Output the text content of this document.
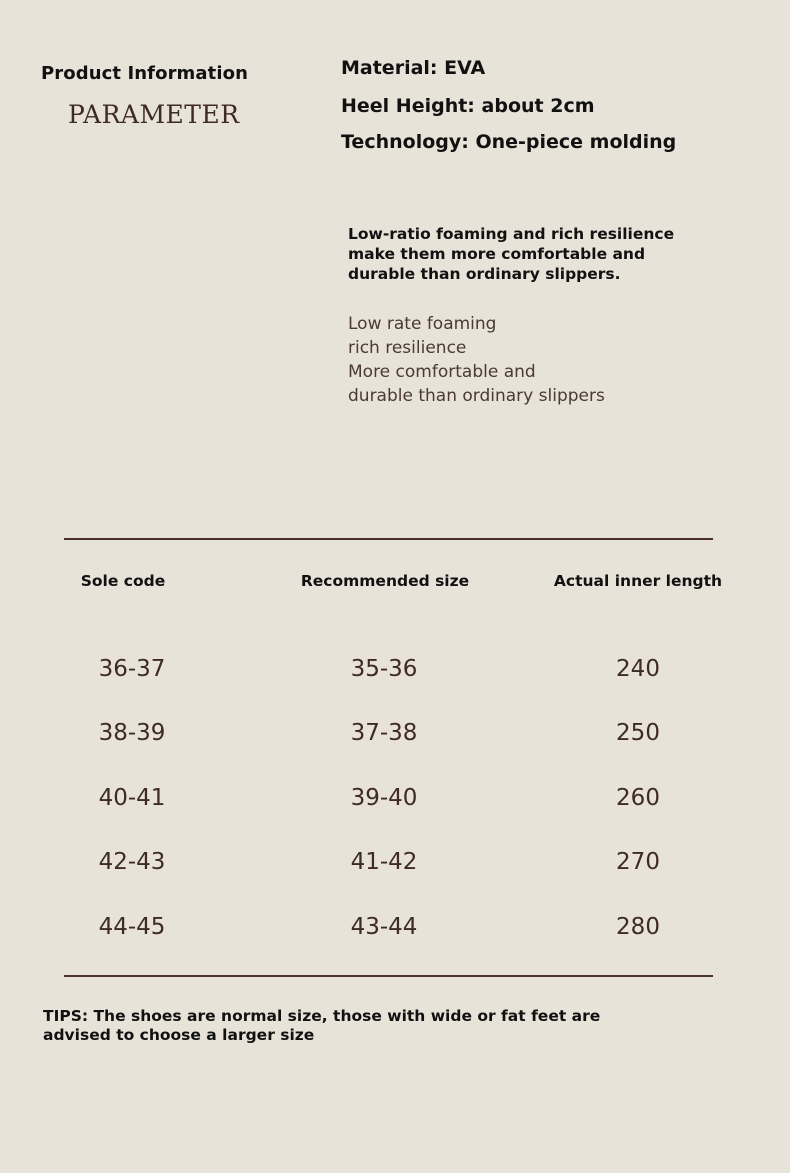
Product Information
PARAMETER
Material: EVA
Heel Height: about 2cm
Technology: One-piece molding
Low-ratio foaming and rich resilience
make them more comfortable and
durable than ordinary slippers.
Low rate foaming
rich resilience
More comfortable and
durable than ordinary slippers
Sole code	Recommended size	Actual inner length
36-37	35-36	240
38-39	37-38	250
40-41	39-40	260
42-43	41-42	270
44-45	43-44	280
TIPS: The shoes are normal size, those with wide or fat feet are
advised to choose a larger size
